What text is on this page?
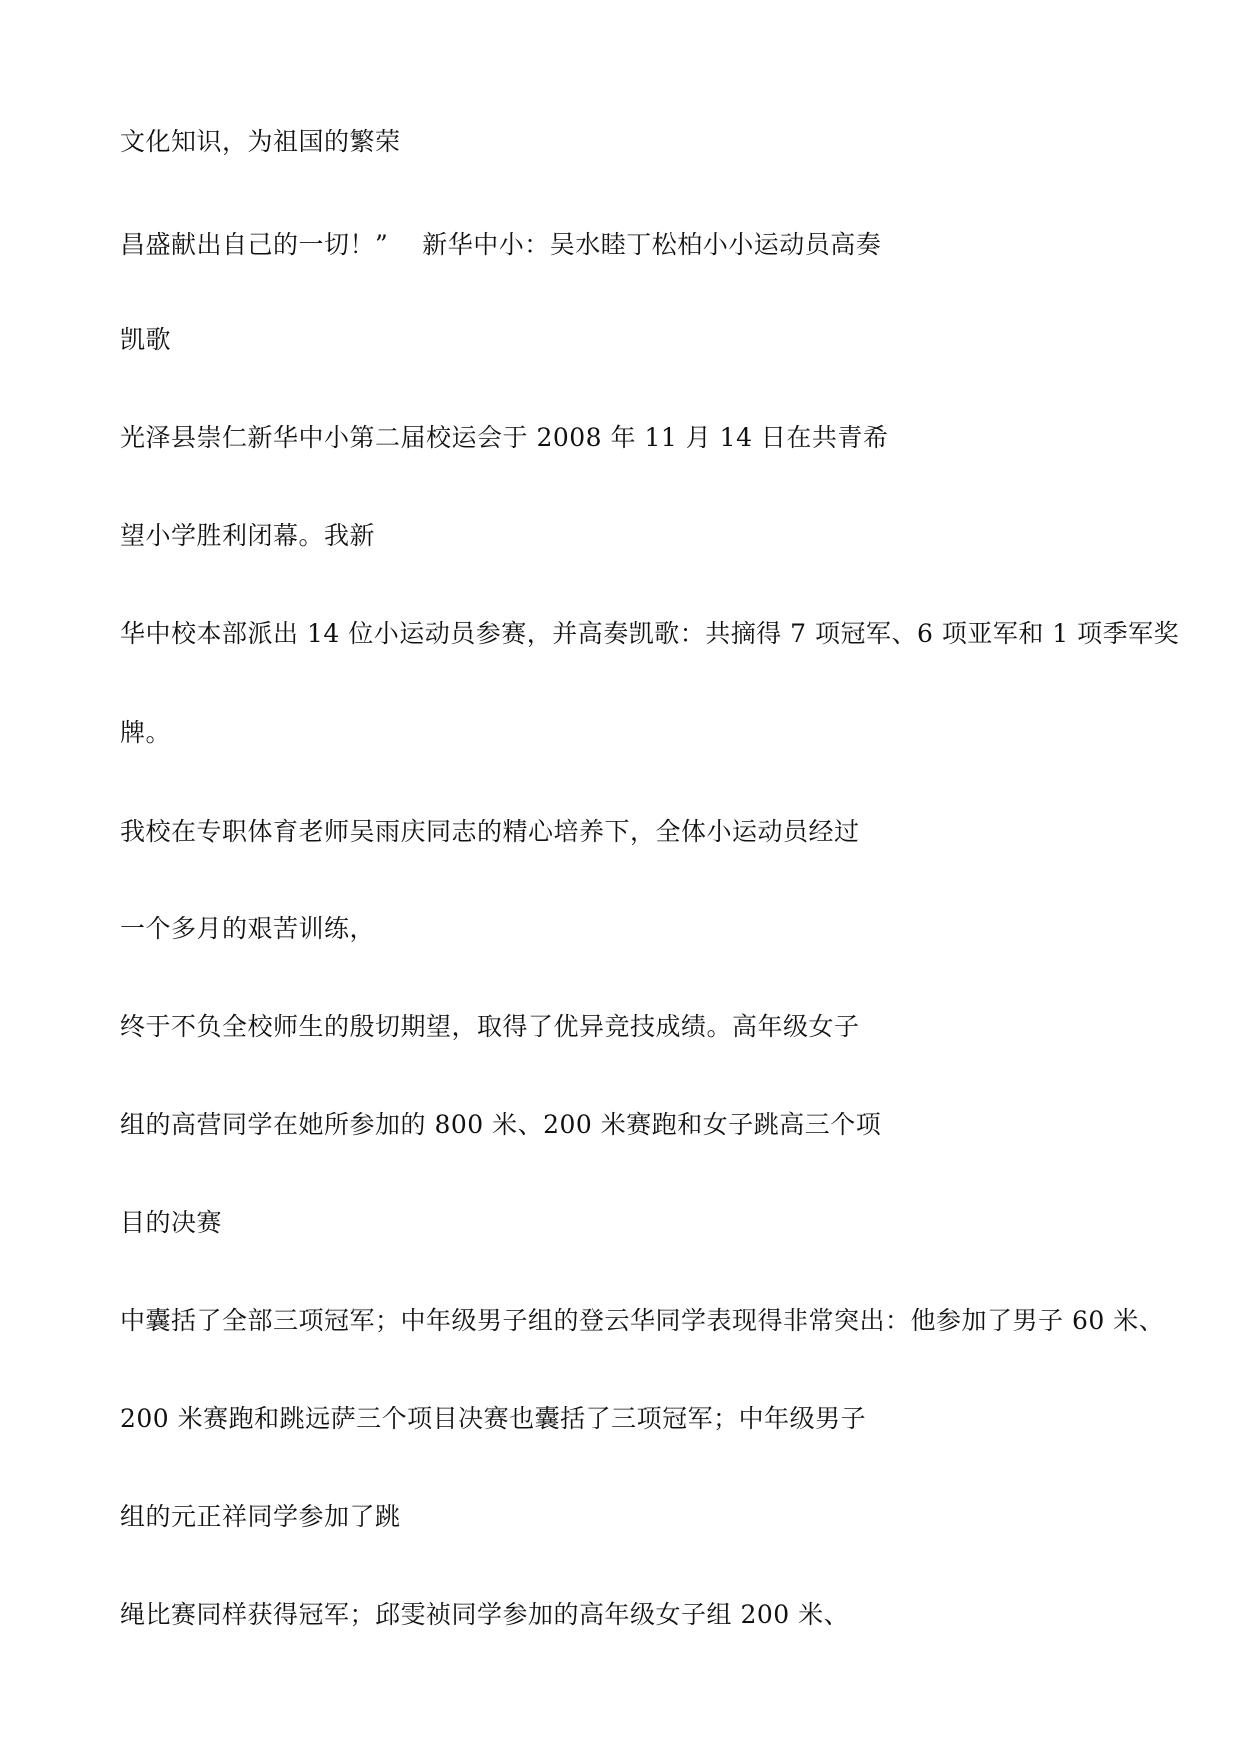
文化知识，为祖国的繁荣
昌盛献出自己的一切！”　 新华中小：吴水睦丁松柏小小运动员高奏
凯歌
光泽县崇仁新华中小第二届校运会于 2008 年 11 月 14 日在共青希
望小学胜利闭幕。我新
华中校本部派出 14 位小运动员参赛，并高奏凯歌：共摘得 7 项冠军、6 项亚军和 1 项季军奖
牌。
我校在专职体育老师吴雨庆同志的精心培养下，全体小运动员经过
一个多月的艰苦训练，
终于不负全校师生的殷切期望，取得了优异竞技成绩。高年级女子
组的高营同学在她所参加的 800 米、200 米赛跑和女子跳高三个项
目的决赛
中囊括了全部三项冠军；中年级男子组的登云华同学表现得非常突出：他参加了男子 60 米、
200 米赛跑和跳远萨三个项目决赛也囊括了三项冠军；中年级男子
组的元正祥同学参加了跳
绳比赛同样获得冠军；邱雯祯同学参加的高年级女子组 200 米、
